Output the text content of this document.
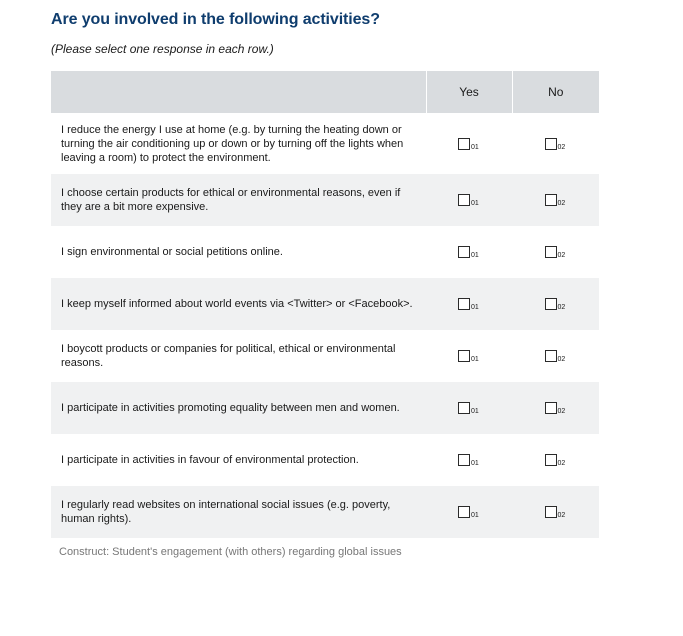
Are you involved in the following activities?

(Please select one response in each row.)

	Yes	No
I reduce the energy I use at home (e.g. by turning the heating down or turning the air conditioning up or down or by turning off the lights when leaving a room) to protect the environment.	01	02

I choose certain products for ethical or environmental reasons, even if they are a bit more expensive.	01	02

I sign environmental or social petitions online.	01	02

I keep myself informed about world events via <Twitter> or <Facebook>.	01	02

I boycott products or companies for political, ethical or environmental reasons.	01	02

I participate in activities promoting equality between men and women.	01	02

I participate in activities in favour of environmental protection.	01	02

I regularly read websites on international social issues (e.g. poverty, human rights).	01	02

Construct: Student's engagement (with others) regarding global issues
